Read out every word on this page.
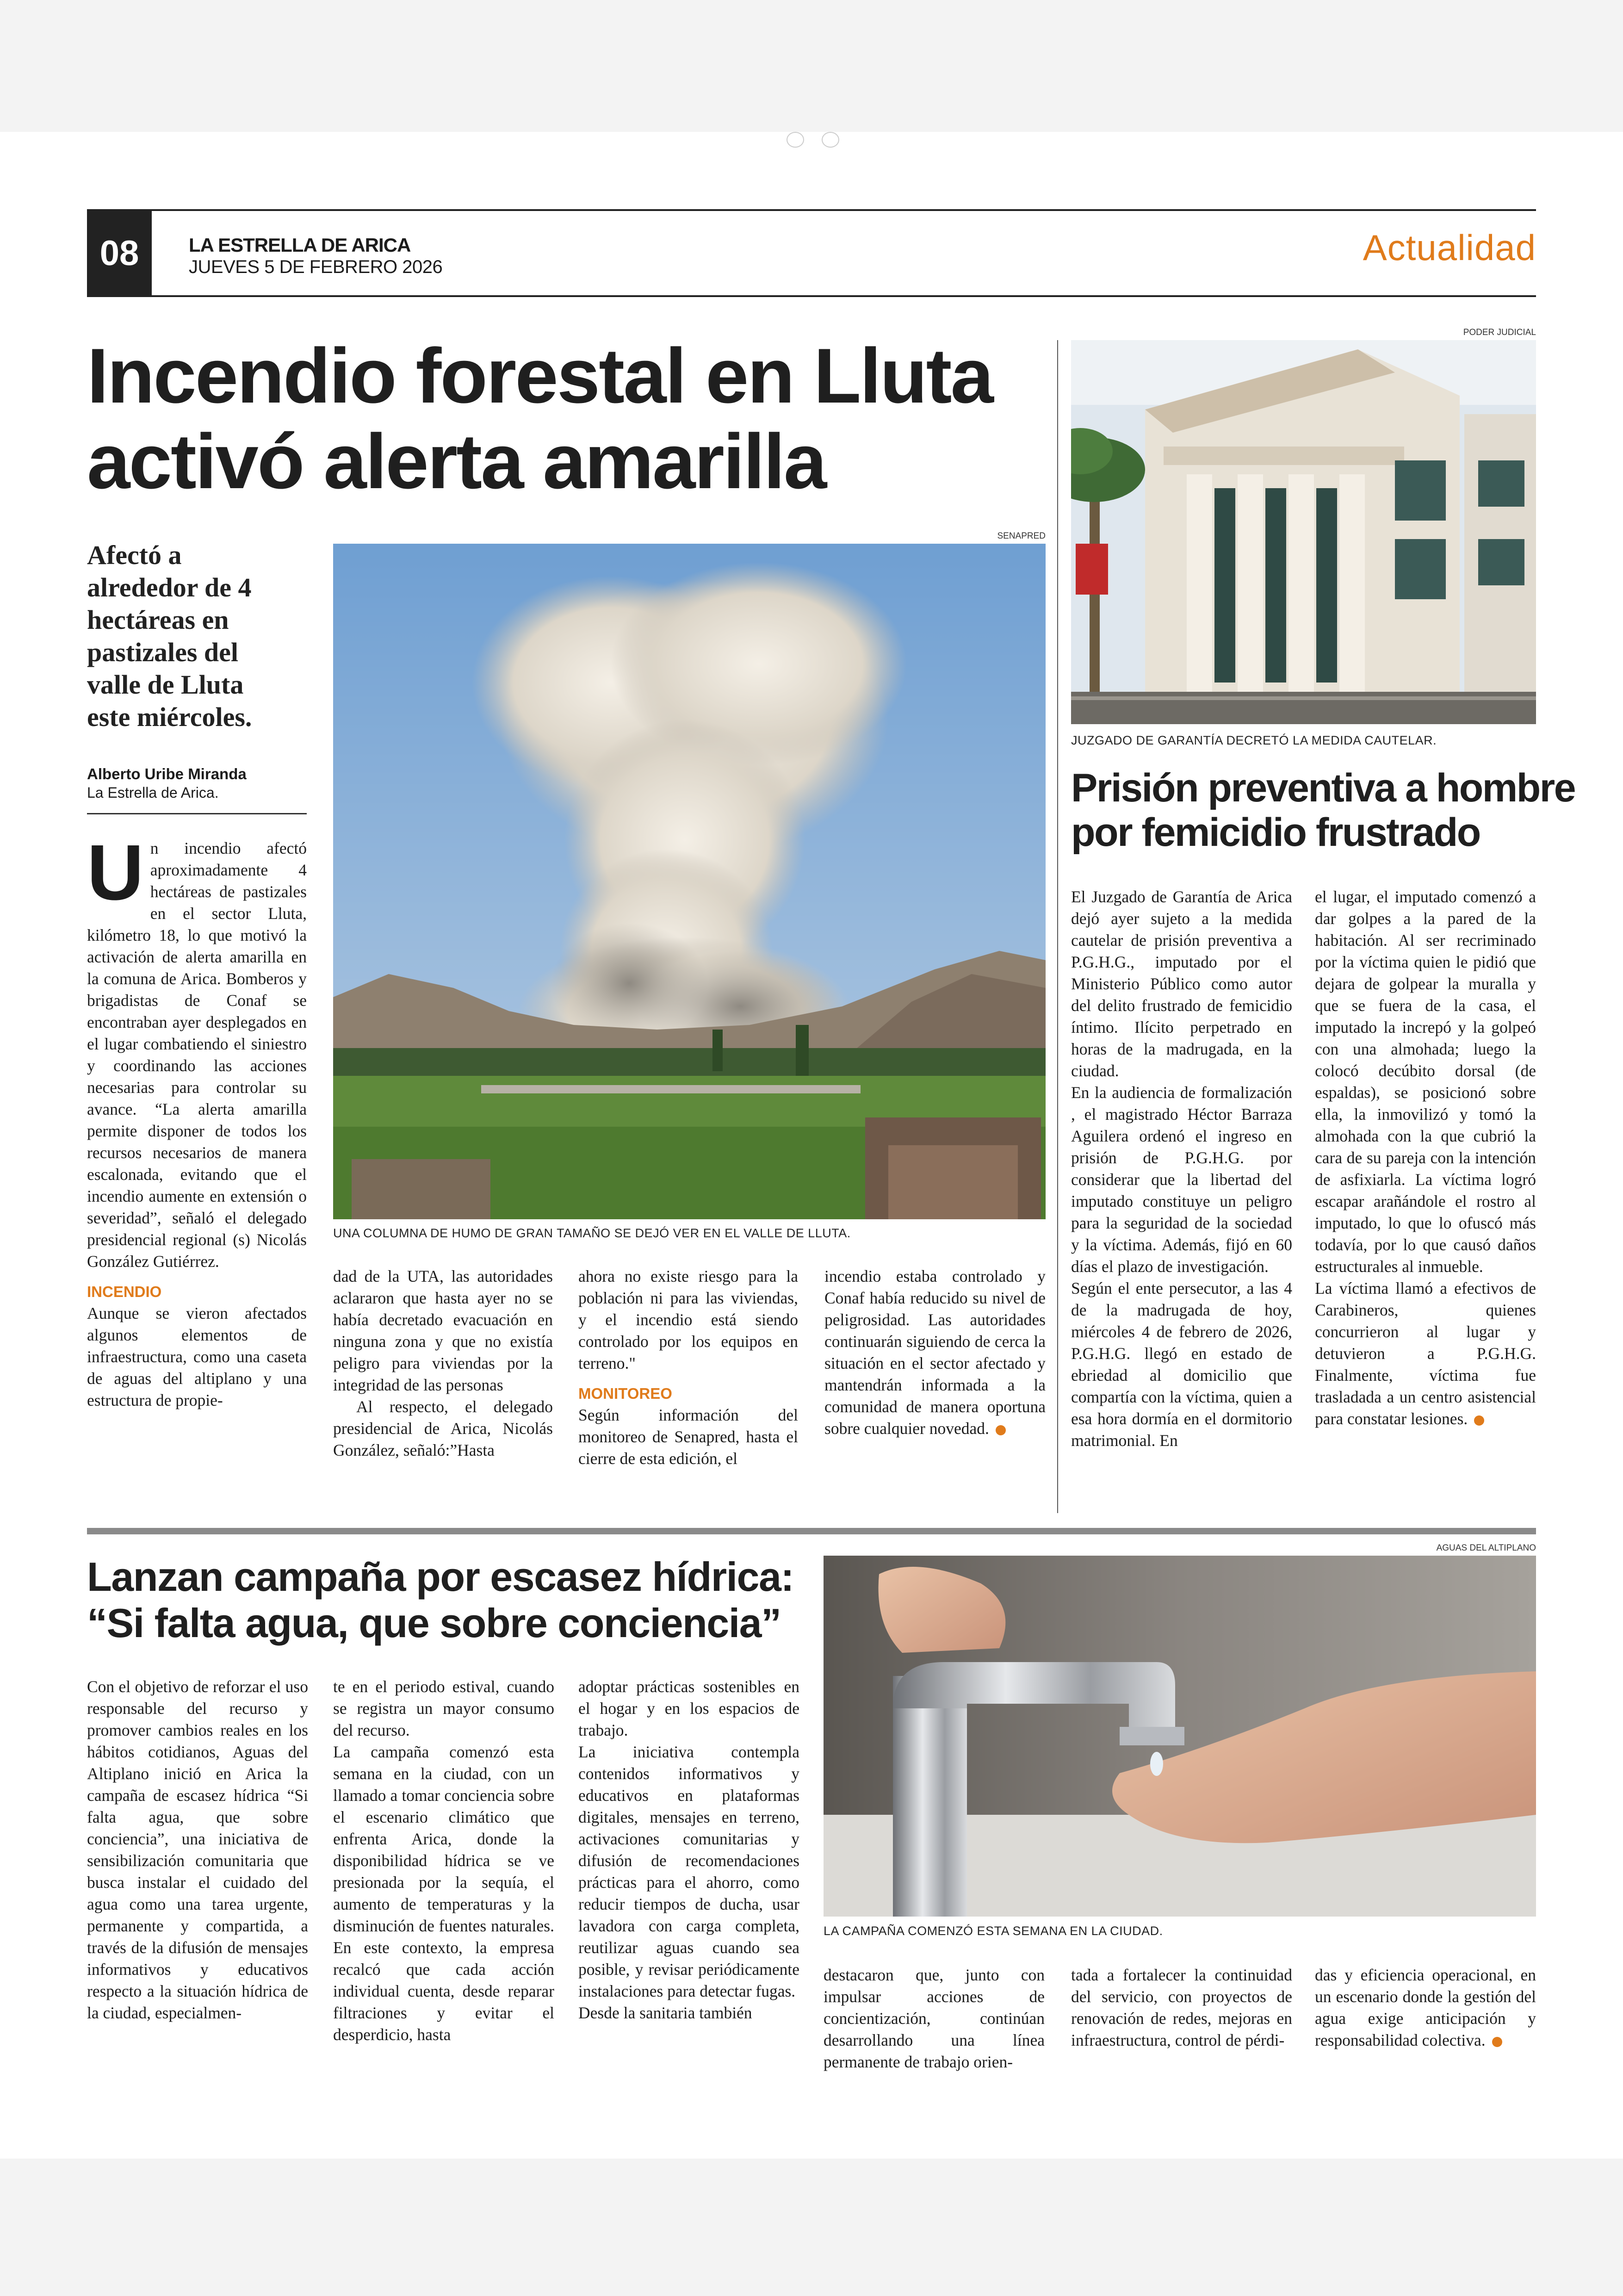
08	LA ESTRELLA DE ARICA
JUEVES 5 DE FEBRERO 2026	Actualidad
Incendio forestal en Lluta
activó alerta amarilla
Afectó a alrededor de 4 hectáreas en pastizales del valle de Lluta este miércoles.
Alberto Uribe Miranda
La Estrella de Arica.
SENAPRED
UNA COLUMNA DE HUMO DE GRAN TAMAÑO SE DEJÓ VER EN EL VALLE DE LLUTA.
U n incendio afectó aproximadamente 4 hectáreas de pastizales en el sector Lluta, kilómetro 18, lo que motivó la activación de alerta amarilla en la comuna de Arica. Bomberos y brigadistas de Conaf se encontraban ayer desplegados en el lugar combatiendo el siniestro y coordinando las acciones necesarias para controlar su avance. “La alerta amarilla permite disponer de todos los recursos necesarios de manera escalonada, evitando que el incendio aumente en extensión o severidad”, señaló el delegado presidencial regional (s) Nicolás González Gutiérrez.
INCENDIO

Aunque se vieron afectados algunos elementos de infraestructura, como una caseta de aguas del altiplano y una estructura de propie-

dad de la UTA, las autoridades aclararon que hasta ayer no se había decretado evacuación en ninguna zona y que no existía peligro para viviendas por la integridad de las personas

Al respecto, el delegado presidencial de Arica, Nicolás González, señaló:”Hasta

ahora no existe riesgo para la población ni para las viviendas, y el incendio está siendo controlado por los equipos en terreno."

MONITOREO

Según información del monitoreo de Senapred, hasta el cierre de esta edición, el

incendio estaba controlado y Conaf había reducido su nivel de peligrosidad. Las autoridades continuarán siguiendo de cerca la situación en el sector afectado y mantendrán informada a la comunidad de manera oportuna sobre cualquier novedad.

PODER JUDICIAL
JUZGADO DE GARANTÍA DECRETÓ LA MEDIDA CAUTELAR.
Prisión preventiva a hombre
por femicidio frustrado

El Juzgado de Garantía de Arica dejó ayer sujeto a la medida cautelar de prisión preventiva a P.G.H.G., imputado por el Ministerio Público como autor del delito frustrado de femicidio íntimo. Ilícito perpetrado en horas de la madrugada, en la ciudad.

En la audiencia de formalización , el magistrado Héctor Barraza Aguilera ordenó el ingreso en prisión de P.G.H.G. por considerar que la libertad del imputado constituye un peligro para la seguridad de la sociedad y la víctima. Además, fijó en 60 días el plazo de investigación.

Según el ente persecutor, a las 4 de la madrugada de hoy, miércoles 4 de febrero de 2026, P.G.H.G. llegó en estado de ebriedad al domicilio que compartía con la víctima, quien a esa hora dormía en el dormitorio matrimonial. En

el lugar, el imputado comenzó a dar golpes a la pared de la habitación. Al ser recriminado por la víctima quien le pidió que dejara de golpear la muralla y que se fuera de la casa, el imputado la increpó y la golpeó con una almohada; luego la colocó decúbito dorsal (de espaldas), se posicionó sobre ella, la inmovilizó y tomó la almohada con la que cubrió la cara de su pareja con la intención de asfixiarla. La víctima logró escapar arañándole el rostro al imputado, lo que lo ofuscó más todavía, por lo que causó daños estructurales al inmueble.

La víctima llamó a efectivos de Carabineros, quienes concurrieron al lugar y detuvieron a P.G.H.G. Finalmente, víctima fue trasladada a un centro asistencial para constatar lesiones.

Lanzan campaña por escasez hídrica:
“Si falta agua, que sobre conciencia”
AGUAS DEL ALTIPLANO
LA CAMPAÑA COMENZÓ ESTA SEMANA EN LA CIUDAD.

Con el objetivo de reforzar el uso responsable del recurso y promover cambios reales en los hábitos cotidianos, Aguas del Altiplano inició en Arica la campaña de escasez hídrica “Si falta agua, que sobre conciencia”, una iniciativa de sensibilización comunitaria que busca instalar el cuidado del agua como una tarea urgente, permanente y compartida, a través de la difusión de mensajes informativos y educativos respecto a la situación hídrica de la ciudad, especialmen-

te en el periodo estival, cuando se registra un mayor consumo del recurso.

La campaña comenzó esta semana en la ciudad, con un llamado a tomar conciencia sobre el escenario climático que enfrenta Arica, donde la disponibilidad hídrica se ve presionada por la sequía, el aumento de temperaturas y la disminución de fuentes naturales. En este contexto, la empresa recalcó que cada acción individual cuenta, desde reparar filtraciones y evitar el desperdicio, hasta

adoptar prácticas sostenibles en el hogar y en los espacios de trabajo.

La iniciativa contempla contenidos informativos y educativos en plataformas digitales, mensajes en terreno, activaciones comunitarias y difusión de recomendaciones prácticas para el ahorro, como reducir tiempos de ducha, usar lavadora con carga completa, reutilizar aguas cuando sea posible, y revisar periódicamente instalaciones para detectar fugas.

Desde la sanitaria también

destacaron que, junto con impulsar acciones de concientización, continúan desarrollando una línea permanente de trabajo orien-

tada a fortalecer la continuidad del servicio, con proyectos de renovación de redes, mejoras en infraestructura, control de pérdi-

das y eficiencia operacional, en un escenario donde la gestión del agua exige anticipación y responsabilidad colectiva.
